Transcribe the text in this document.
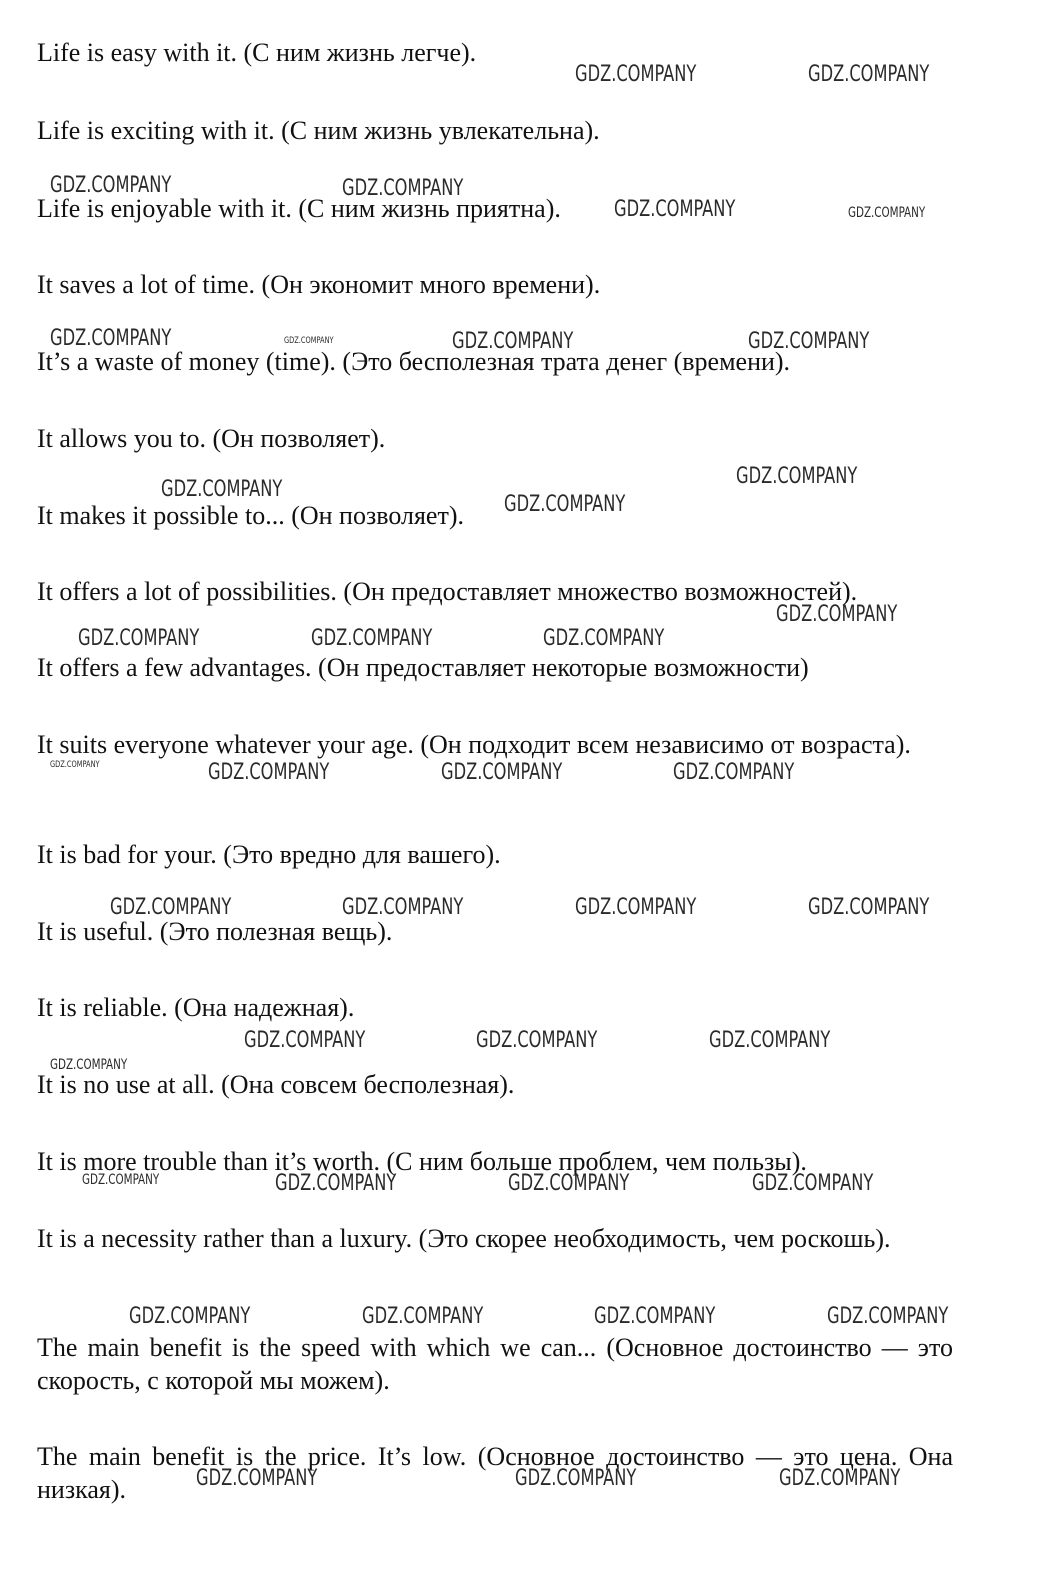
Life is easy with it. (С ним жизнь легче).

Life is exciting with it. (С ним жизнь увлекательна).

Life is enjoyable with it. (С ним жизнь приятна).

It saves a lot of time. (Он экономит много времени).

It’s a waste of money (time). (Это бесполезная трата денег (времени).

It allows you to. (Он позволяет).

It makes it possible to... (Он позволяет).

It offers a lot of possibilities. (Он предоставляет множество возможностей).

It offers a few advantages. (Он предоставляет некоторые возможности)

It suits everyone whatever your age. (Он подходит всем независимо от возраста).

It is bad for your. (Это вредно для вашего).

It is useful. (Это полезная вещь).

It is reliable. (Она надежная).

It is no use at all. (Она совсем бесполезная).

It is more trouble than it’s worth. (С ним больше проблем, чем пользы).

It is a necessity rather than a luxury. (Это скорее необходимость, чем роскошь).

The main benefit is the speed with which we can... (Основное достоинство — это скорость, с которой мы можем).

The main benefit is the price. It’s low. (Основное достоинство — это цена. Она низкая).

GDZ.COMPANY	GDZ.COMPANY
GDZ.COMPANY	GDZ.COMPANY
GDZ.COMPANY	GDZ.COMPANY
GDZ.COMPANY	GDZ.COMPANY	GDZ.COMPANY	GDZ.COMPANY
GDZ.COMPANY
GDZ.COMPANY
GDZ.COMPANY
GDZ.COMPANY
GDZ.COMPANY	GDZ.COMPANY	GDZ.COMPANY
GDZ.COMPANY	GDZ.COMPANY	GDZ.COMPANY	GDZ.COMPANY
GDZ.COMPANY	GDZ.COMPANY	GDZ.COMPANY	GDZ.COMPANY
GDZ.COMPANY	GDZ.COMPANY	GDZ.COMPANY
GDZ.COMPANY
GDZ.COMPANY	GDZ.COMPANY	GDZ.COMPANY	GDZ.COMPANY
GDZ.COMPANY	GDZ.COMPANY	GDZ.COMPANY	GDZ.COMPANY
GDZ.COMPANY	GDZ.COMPANY	GDZ.COMPANY
